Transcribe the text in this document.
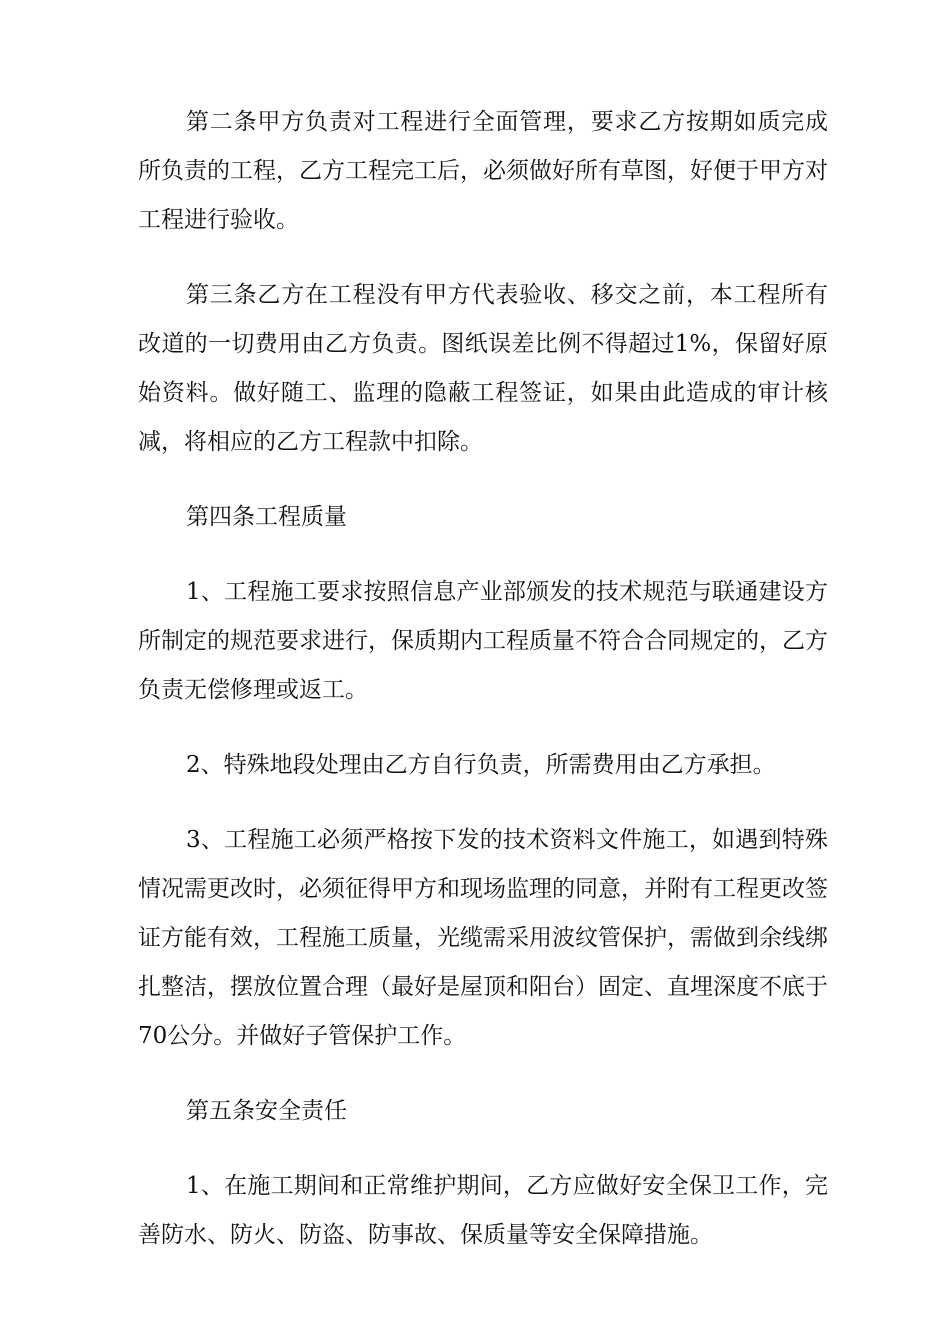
第二条甲方负责对工程进行全面管理，要求乙方按期如质完成所负责的工程，乙方工程完工后，必须做好所有草图，好便于甲方对工程进行验收。

第三条乙方在工程没有甲方代表验收、移交之前，本工程所有改道的一切费用由乙方负责。图纸误差比例不得超过1%，保留好原始资料。做好随工、监理的隐蔽工程签证，如果由此造成的审计核减，将相应的乙方工程款中扣除。

第四条工程质量

1、工程施工要求按照信息产业部颁发的技术规范与联通建设方所制定的规范要求进行，保质期内工程质量不符合合同规定的，乙方负责无偿修理或返工。

2、特殊地段处理由乙方自行负责，所需费用由乙方承担。

3、工程施工必须严格按下发的技术资料文件施工，如遇到特殊情况需更改时，必须征得甲方和现场监理的同意，并附有工程更改签证方能有效，工程施工质量，光缆需采用波纹管保护，需做到余线绑扎整洁，摆放位置合理（最好是屋顶和阳台）固定、直埋深度不底于70公分。并做好子管保护工作。

第五条安全责任

1、在施工期间和正常维护期间，乙方应做好安全保卫工作，完善防水、防火、防盗、防事故、保质量等安全保障措施。
